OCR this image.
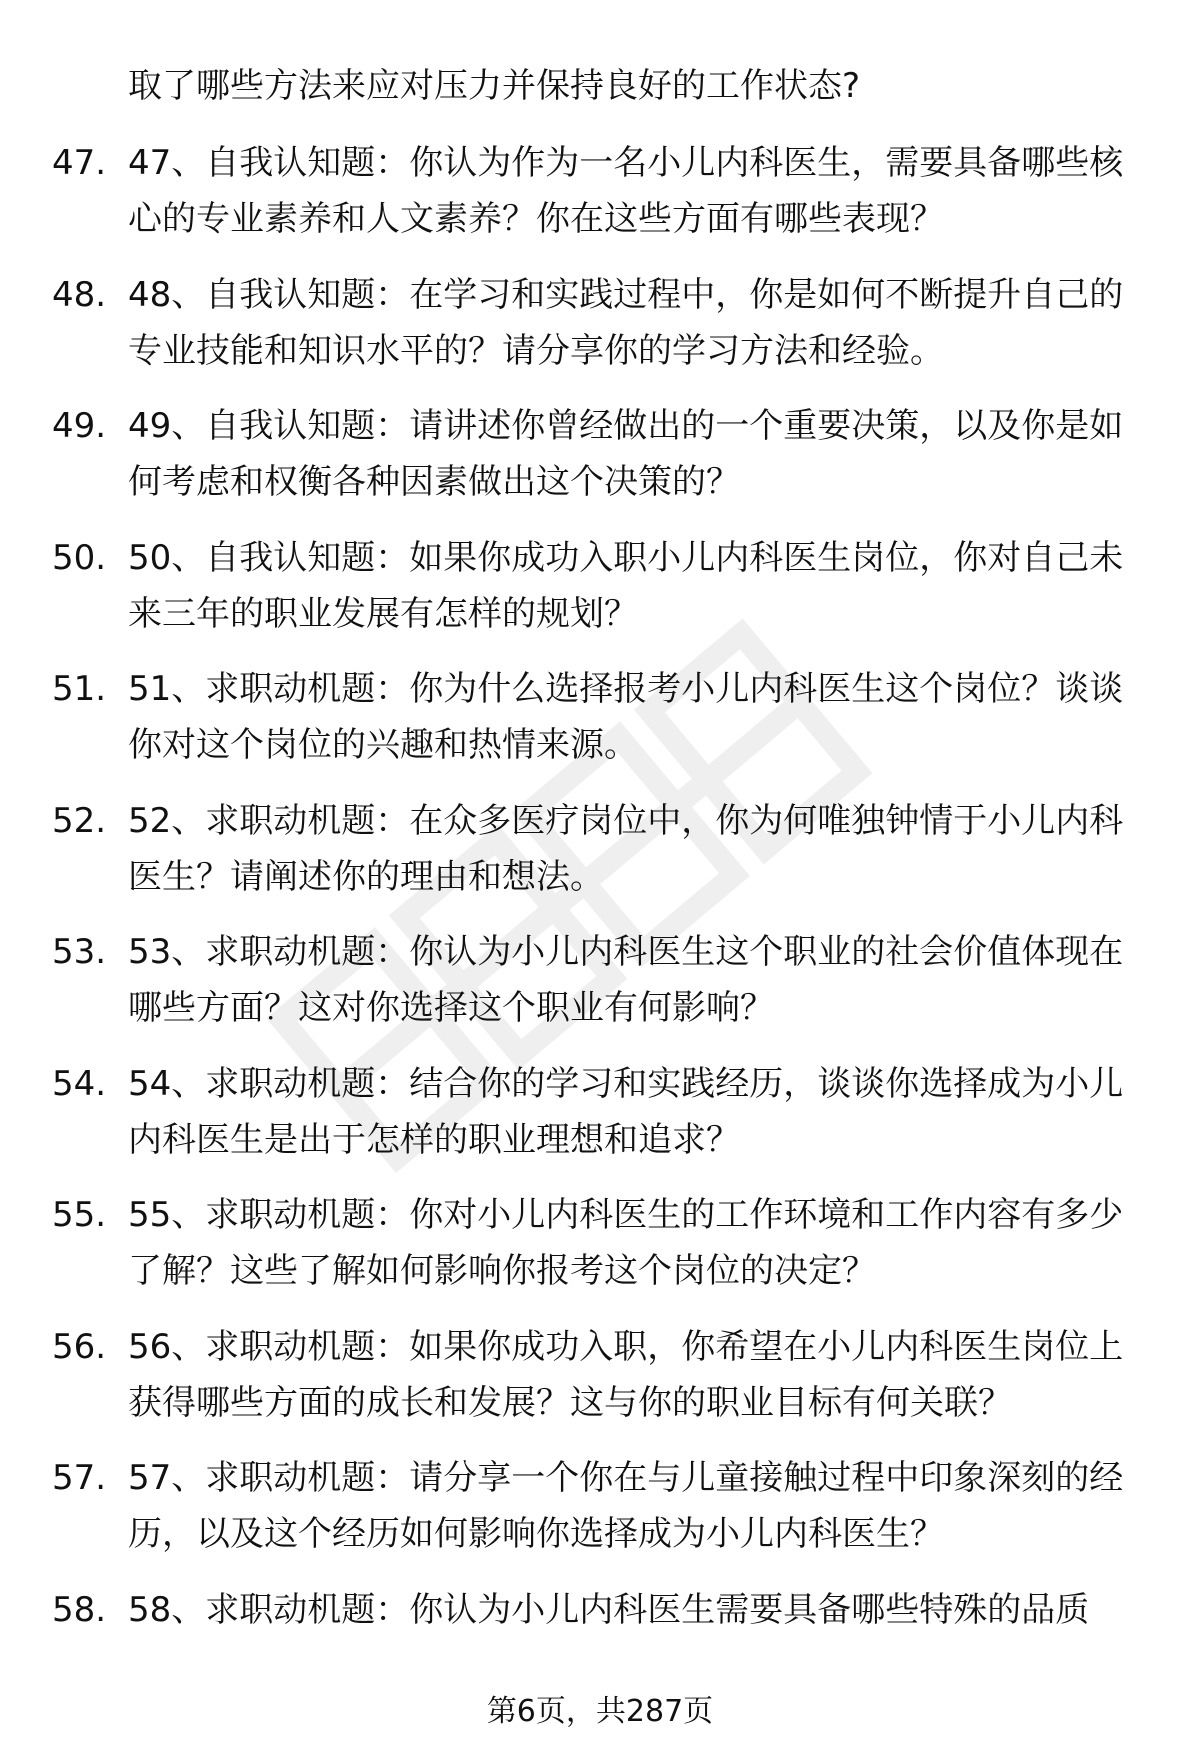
取了哪些方法来应对压力并保持良好的工作状态?
47. 47、自我认知题：你认为作为一名小儿内科医生，需要具备哪些核心的专业素养和人文素养？你在这些方面有哪些表现？
48. 48、自我认知题：在学习和实践过程中，你是如何不断提升自己的专业技能和知识水平的？请分享你的学习方法和经验。
49. 49、自我认知题：请讲述你曾经做出的一个重要决策，以及你是如何考虑和权衡各种因素做出这个决策的？
50. 50、自我认知题：如果你成功入职小儿内科医生岗位，你对自己未来三年的职业发展有怎样的规划？
51. 51、求职动机题：你为什么选择报考小儿内科医生这个岗位？谈谈你对这个岗位的兴趣和热情来源。
52. 52、求职动机题：在众多医疗岗位中，你为何唯独钟情于小儿内科医生？请阐述你的理由和想法。
53. 53、求职动机题：你认为小儿内科医生这个职业的社会价值体现在哪些方面？这对你选择这个职业有何影响？
54. 54、求职动机题：结合你的学习和实践经历，谈谈你选择成为小儿内科医生是出于怎样的职业理想和追求？
55. 55、求职动机题：你对小儿内科医生的工作环境和工作内容有多少了解？这些了解如何影响你报考这个岗位的决定？
56. 56、求职动机题：如果你成功入职，你希望在小儿内科医生岗位上获得哪些方面的成长和发展？这与你的职业目标有何关联？
57. 57、求职动机题：请分享一个你在与儿童接触过程中印象深刻的经历，以及这个经历如何影响你选择成为小儿内科医生？
58. 58、求职动机题：你认为小儿内科医生需要具备哪些特殊的品质
第6页，共287页
